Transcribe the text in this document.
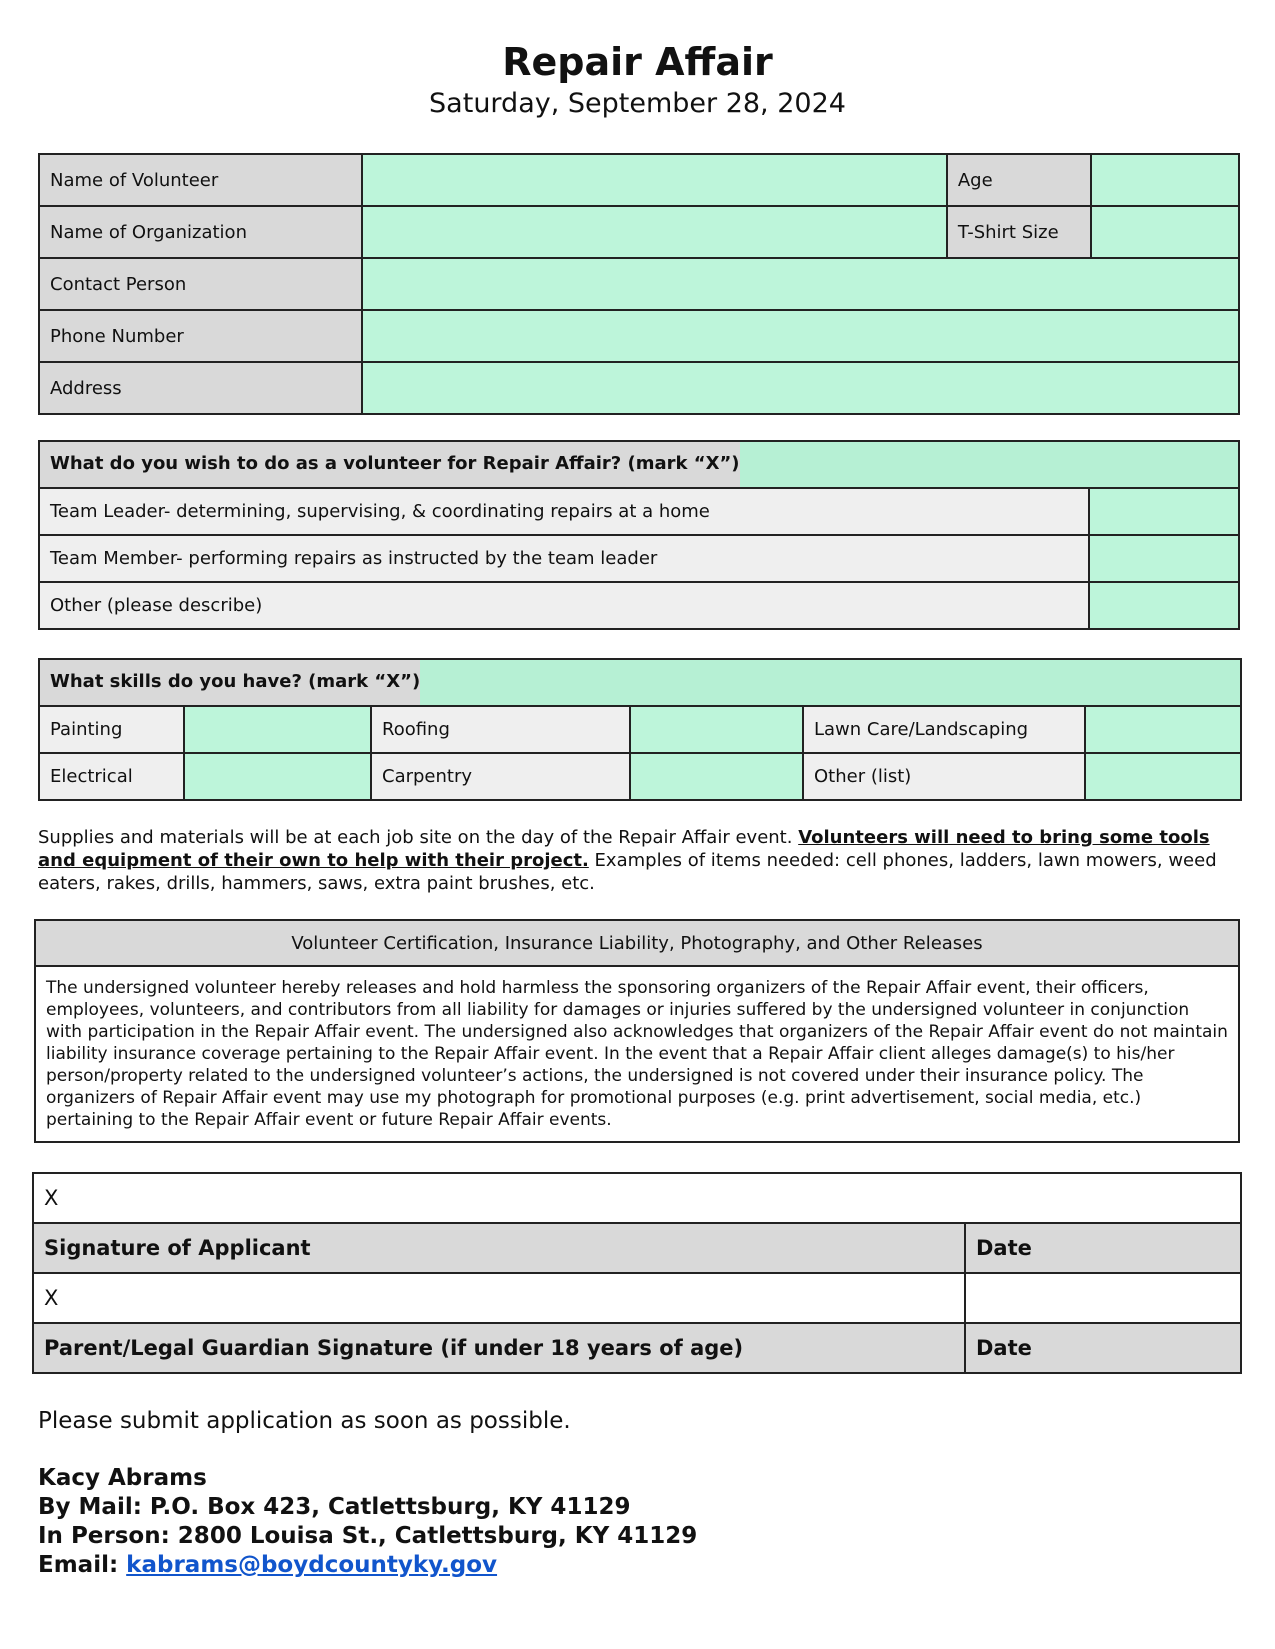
Repair Affair
Saturday, September 28, 2024
Name of Volunteer		Age	
Name of Organization		T-Shirt Size	
Contact Person			
Phone Number			
Address			
What do you wish to do as a volunteer for Repair Affair? (mark “X”)	
Team Leader- determining, supervising, & coordinating repairs at a home	
Team Member- performing repairs as instructed by the team leader	
Other (please describe)	
What skills do you have? (mark “X”)					
Painting		Roofing		Lawn Care/Landscaping	
Electrical		Carpentry		Other (list)	
Supplies and materials will be at each job site on the day of the Repair Affair event. Volunteers will need to bring some tools and equipment of their own to help with their project. Examples of items needed: cell phones, ladders, lawn mowers, weed eaters, rakes, drills, hammers, saws, extra paint brushes, etc.
Volunteer Certification, Insurance Liability, Photography, and Other Releases
The undersigned volunteer hereby releases and hold harmless the sponsoring organizers of the Repair Affair event, their officers, employees, volunteers, and contributors from all liability for damages or injuries suffered by the undersigned volunteer in conjunction with participation in the Repair Affair event. The undersigned also acknowledges that organizers of the Repair Affair event do not maintain liability insurance coverage pertaining to the Repair Affair event. In the event that a Repair Affair client alleges damage(s) to his/her person/property related to the undersigned volunteer’s actions, the undersigned is not covered under their insurance policy. The organizers of Repair Affair event may use my photograph for promotional purposes (e.g. print advertisement, social media, etc.) pertaining to the Repair Affair event or future Repair Affair events.
X	
Signature of Applicant	Date
X	
Parent/Legal Guardian Signature (if under 18 years of age)	Date
Please submit application as soon as possible.
Kacy Abrams
By Mail: P.O. Box 423, Catlettsburg, KY 41129
In Person: 2800 Louisa St., Catlettsburg, KY 41129
Email: kabrams@boydcountyky.gov
